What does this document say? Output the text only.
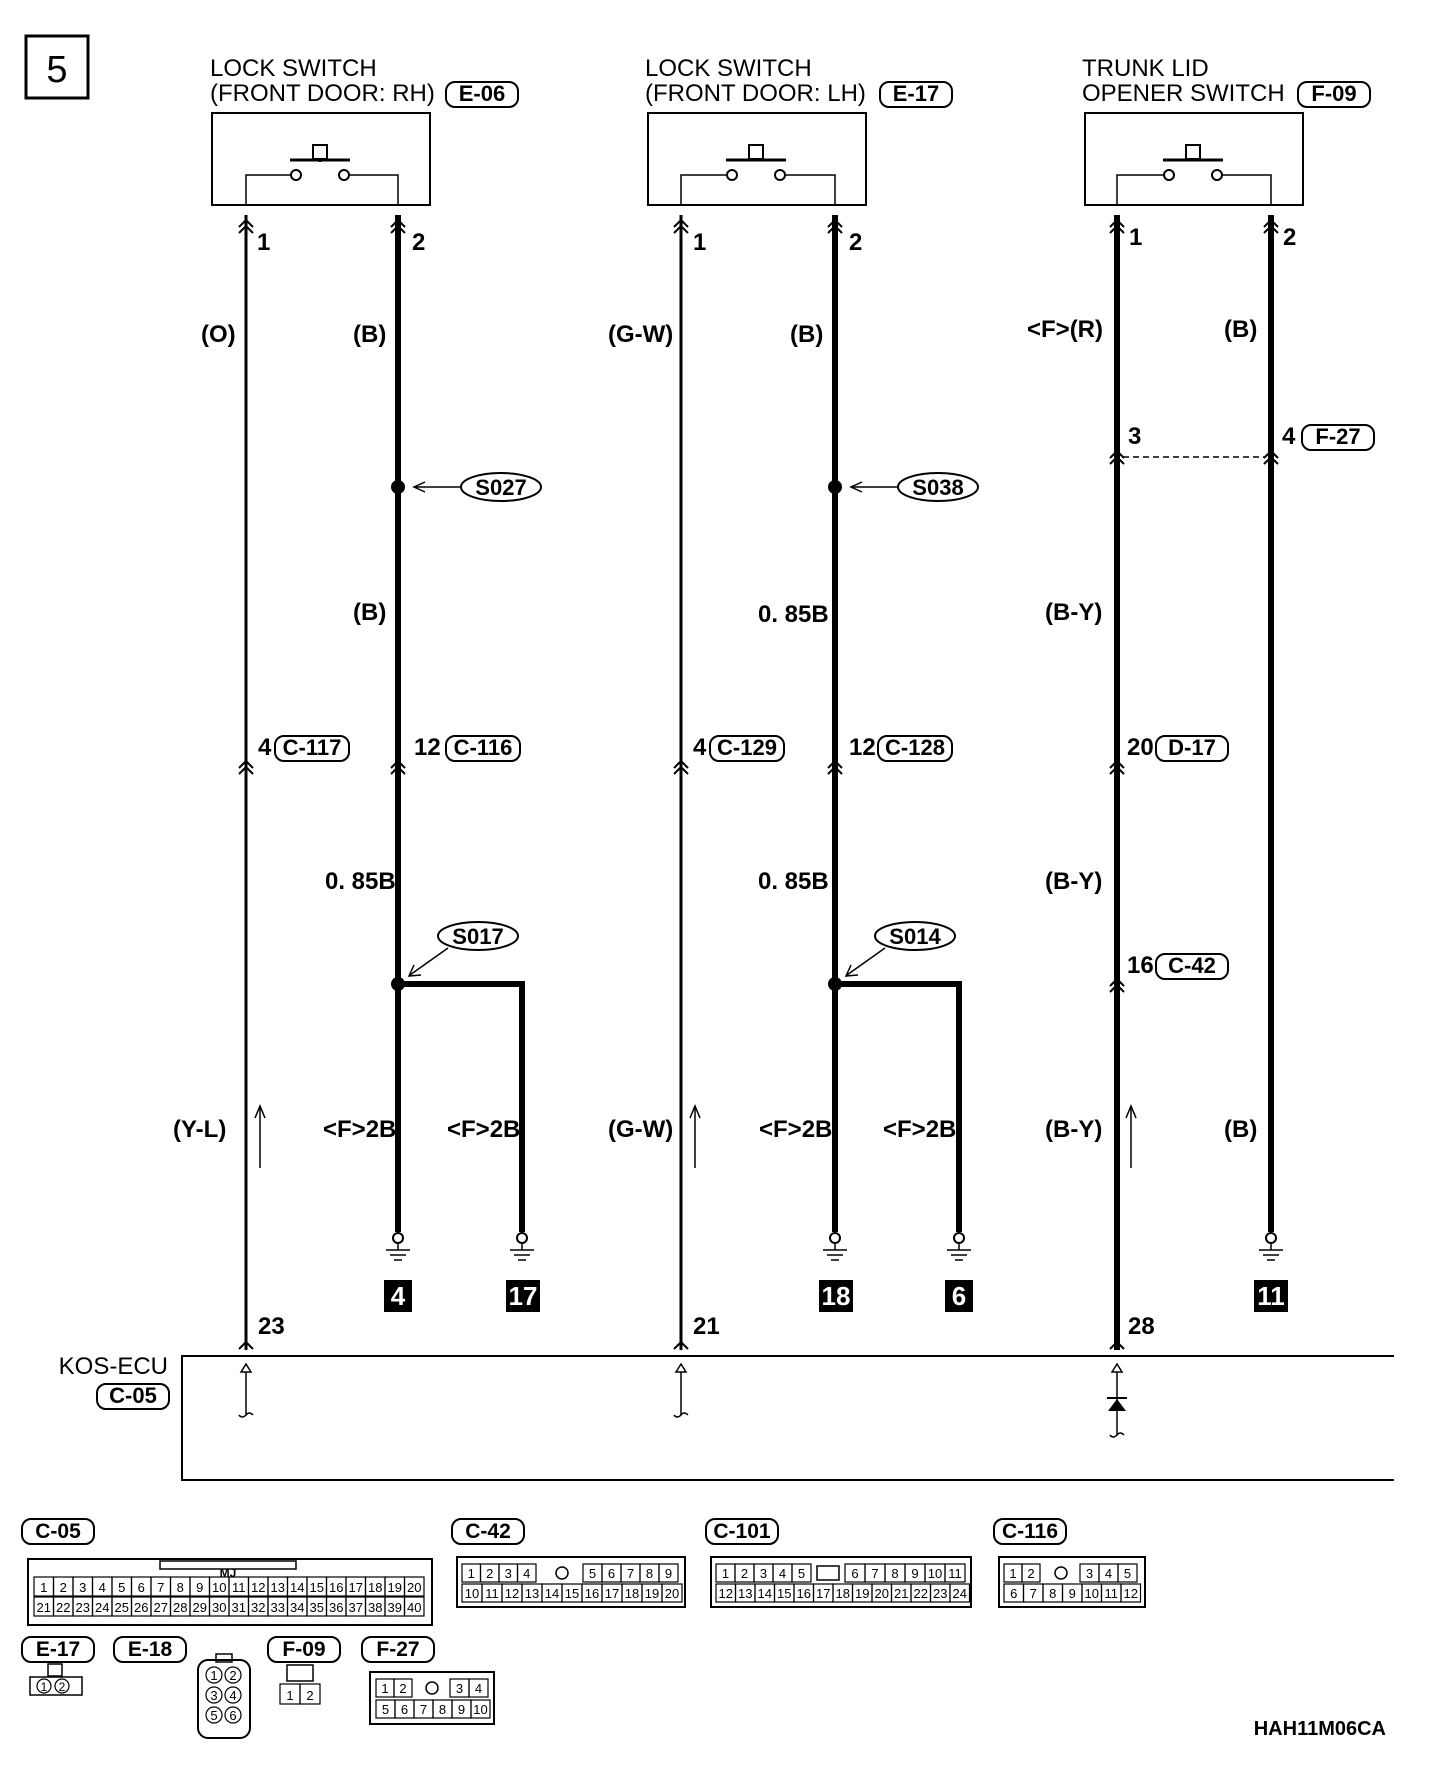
5	LOCK SWITCH
(FRONT DOOR: RH) E-06
LOCK SWITCH
(FRONT DOOR: LH) E-17
TRUNK LID
OPENER SWITCH F-09
1	2	1	2	1	2
3	4
4	12	4	12	20
16
23	21	28
F-27
C-117	C-116	C-129	C-128	D-17
C-42
(O)	(B)	(G-W)	(B)	<F>(R)	(B)
(B)	0. 85B	(B-Y)
0. 85B	0. 85B	(B-Y)
(Y-L)	<F>2B <F>2B	(G-W)	<F>2B <F>2B	(B-Y)	(B)
S027	S038
S017	S014
4	17	18	6	11
KOS-ECU
C-05
C-05
MJ
1 2 3 4 5 6 7 8 9 10 11 12 13 14 15 16 17 18 19 20
21 22 23 24 25 26 27 28 29 30 31 32 33 34 35 36 37 38 39 40
C-42
1 2 3 4	5 6 7 8 9
10 11 12 13 14 15 16 17 18 19 20
C-101
1 2 3 4 5	6 7 8 9 10 11
12 13 14 15 16 17 18 19 20 21 22 23 24
C-116
1 2	3 4 5
6 7 8 9 10 11 12
E-17
1 2
E-18
1 2
3 4
5 6
F-09
1 2
F-27
1 2	3 4
5 6 7 8 9 10
HAH11M06CA
